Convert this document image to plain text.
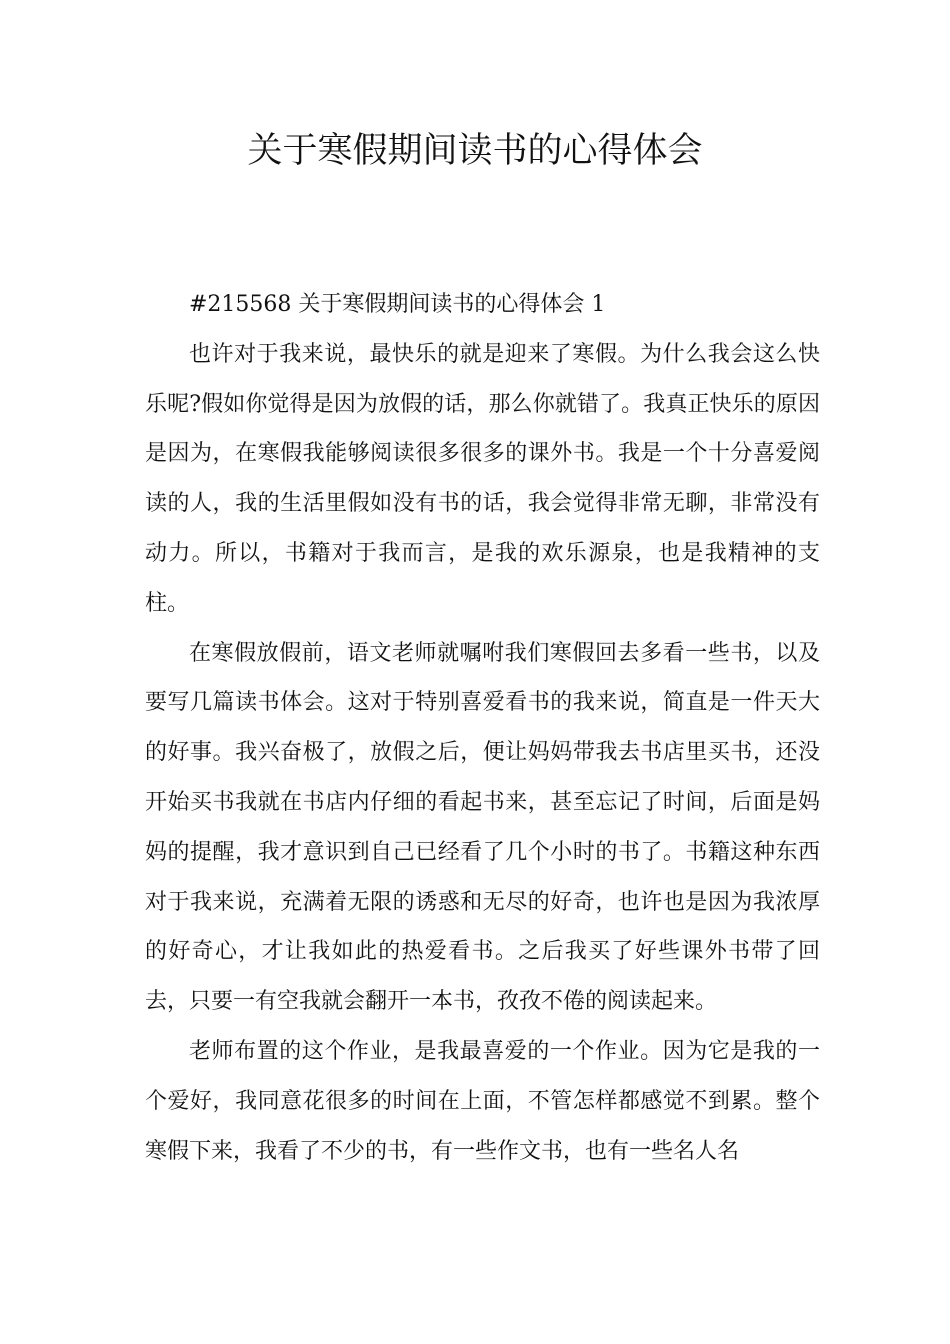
关于寒假期间读书的心得体会

#215568 关于寒假期间读书的心得体会 1

也许对于我来说，最快乐的就是迎来了寒假。为什么我会这么快乐呢?假如你觉得是因为放假的话，那么你就错了。我真正快乐的原因是因为，在寒假我能够阅读很多很多的课外书。我是一个十分喜爱阅读的人，我的生活里假如没有书的话，我会觉得非常无聊，非常没有动力。所以，书籍对于我而言，是我的欢乐源泉，也是我精神的支柱。

在寒假放假前，语文老师就嘱咐我们寒假回去多看一些书，以及要写几篇读书体会。这对于特别喜爱看书的我来说，简直是一件天大的好事。我兴奋极了，放假之后，便让妈妈带我去书店里买书，还没开始买书我就在书店内仔细的看起书来，甚至忘记了时间，后面是妈妈的提醒，我才意识到自己已经看了几个小时的书了。书籍这种东西对于我来说，充满着无限的诱惑和无尽的好奇，也许也是因为我浓厚的好奇心，才让我如此的热爱看书。之后我买了好些课外书带了回去，只要一有空我就会翻开一本书，孜孜不倦的阅读起来。

老师布置的这个作业，是我最喜爱的一个作业。因为它是我的一个爱好，我同意花很多的时间在上面，不管怎样都感觉不到累。整个寒假下来，我看了不少的书，有一些作文书，也有一些名人名
